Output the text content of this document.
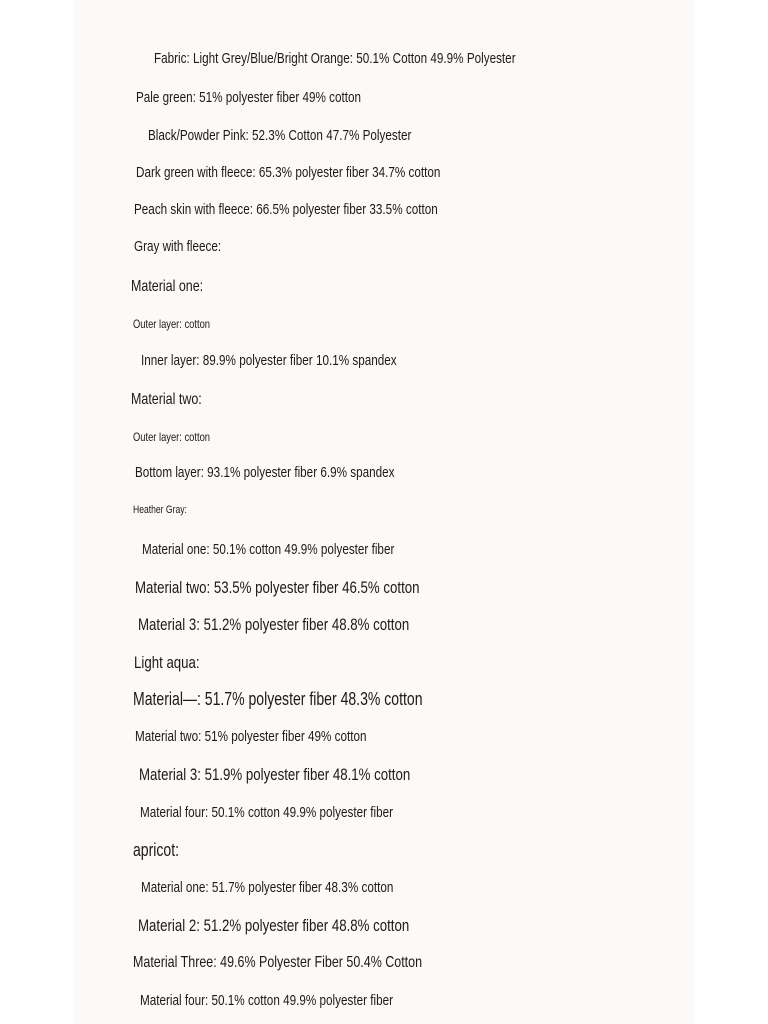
Fabric: Light Grey/Blue/Bright Orange: 50.1% Cotton 49.9% Polyester
Pale green: 51% polyester fiber 49% cotton
Black/Powder Pink: 52.3% Cotton 47.7% Polyester
Dark green with fleece: 65.3% polyester fiber 34.7% cotton
Peach skin with fleece: 66.5% polyester fiber 33.5% cotton
Gray with fleece:
Material one:
Outer layer: cotton
Inner layer: 89.9% polyester fiber 10.1% spandex
Material two:
Outer layer: cotton
Bottom layer: 93.1% polyester fiber 6.9% spandex
Heather Gray:
Material one: 50.1% cotton 49.9% polyester fiber
Material two: 53.5% polyester fiber 46.5% cotton
Material 3: 51.2% polyester fiber 48.8% cotton
Light aqua:
Material—: 51.7% polyester fiber 48.3% cotton
Material two: 51% polyester fiber 49% cotton
Material 3: 51.9% polyester fiber 48.1% cotton
Material four: 50.1% cotton 49.9% polyester fiber
apricot:
Material one: 51.7% polyester fiber 48.3% cotton
Material 2: 51.2% polyester fiber 48.8% cotton
Material Three: 49.6% Polyester Fiber 50.4% Cotton
Material four: 50.1% cotton 49.9% polyester fiber
